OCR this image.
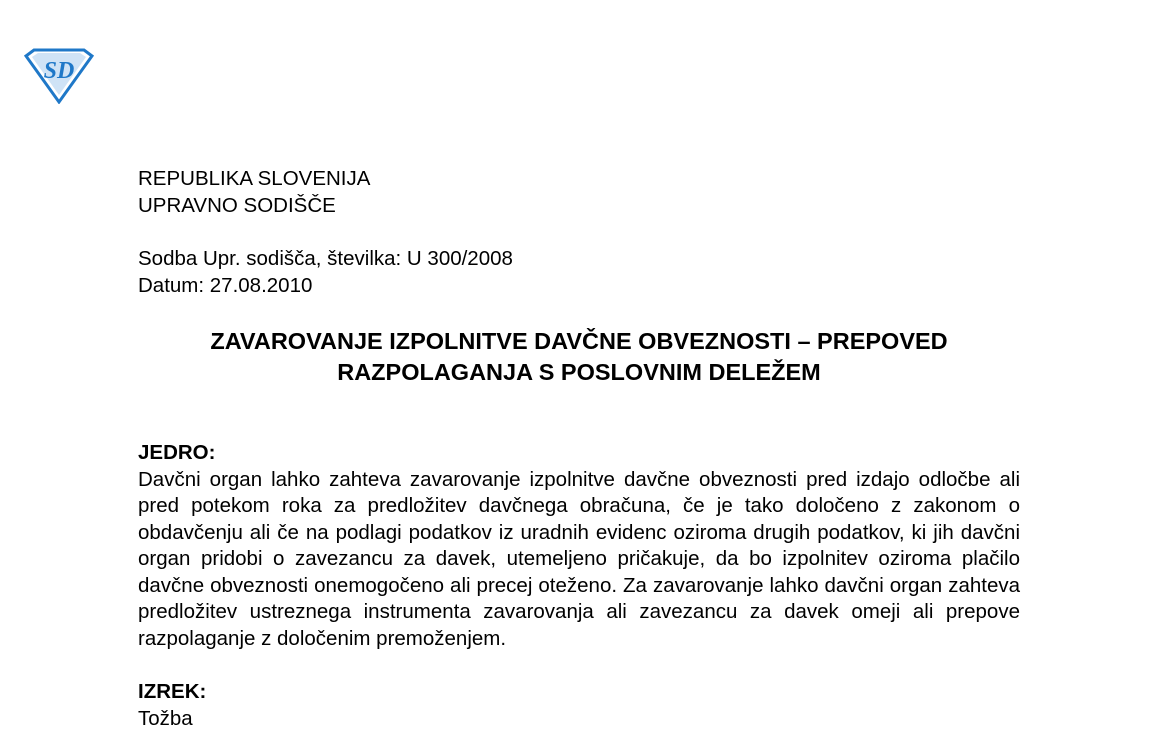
SD

REPUBLIKA SLOVENIJA

UPRAVNO SODIŠČE

Sodba Upr. sodišča, številka: U 300/2008

Datum: 27.08.2010

ZAVAROVANJE IZPOLNITVE DAVČNE OBVEZNOSTI – PREPOVED
RAZPOLAGANJA S POSLOVNIM DELEŽEM

JEDRO:

Davčni organ lahko zahteva zavarovanje izpolnitve davčne obveznosti pred izdajo odločbe ali pred potekom roka za predložitev davčnega obračuna, če je tako določeno z zakonom o obdavčenju ali če na podlagi podatkov iz uradnih evidenc oziroma drugih podatkov, ki jih davčni organ pridobi o zavezancu za davek, utemeljeno pričakuje, da bo izpolnitev oziroma plačilo davčne obveznosti onemogočeno ali precej oteženo. Za zavarovanje lahko davčni organ zahteva predložitev ustreznega instrumenta zavarovanja ali zavezancu za davek omeji ali prepove razpolaganje z določenim premoženjem.

IZREK:

Tožba
